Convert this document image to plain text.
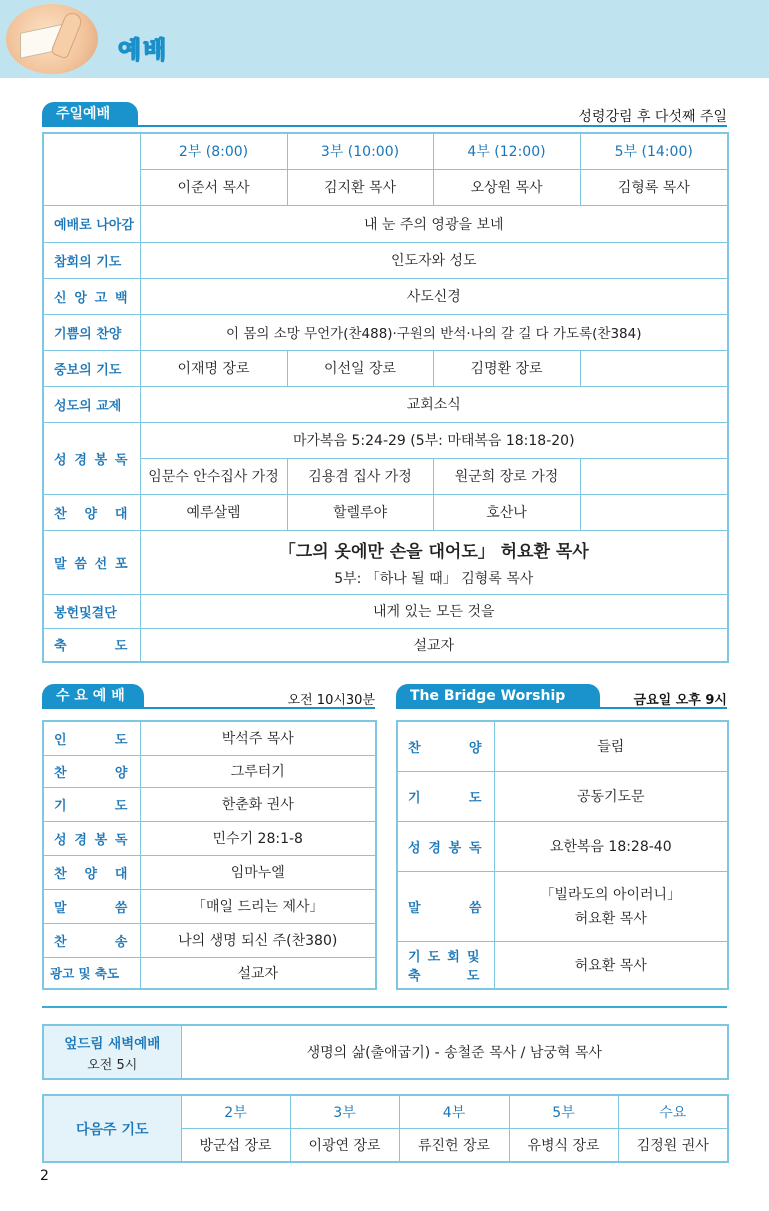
예배
주일예배	성령강림 후 다섯째 주일
	2부 (8:00)	3부 (10:00)	4부 (12:00)	5부 (14:00)
	이준서 목사	김지환 목사	오상원 목사	김형록 목사
예배로 나아감	내 눈 주의 영광을 보네			
참회의 기도	인도자와 성도			
신 앙 고 백	사도신경			
기쁨의 찬양	이 몸의 소망 무언가(찬488)·구원의 반석·나의 갈 길 다 가도록(찬384)			
중보의 기도	이재명 장로	이선일 장로	김명환 장로	
성도의 교제	교회소식			
성 경 봉 독	마가복음 5:24-29 (5부: 마태복음 18:18-20)			
	임문수 안수집사 가정	김용겸 집사 가정	원군희 장로 가정	
찬 양 대	예루살렘	할렐루야	호산나	
말 씀 선 포	「그의 옷에만 손을 대어도」 허요환 목사
5부: 「하나 될 때」 김형록 목사			

봉헌및결단	내게 있는 모든 것을			
축 도	설교자			
수 요 예 배	오전 10시30분
인 도	박석주 목사
찬 양	그루터기
기 도	한춘화 권사
성 경 봉 독	민수기 28:1-8
찬 양 대	임마누엘
말 씀	「매일 드리는 제사」
찬 송	나의 생명 되신 주(찬380)
광고 및 축도	설교자
The Bridge Worship	금요일 오후 9시
찬 양	들림
기 도	공동기도문
성 경 봉 독	요한복음 18:28-40
말 씀	「빌라도의 아이러니」
허요환 목사

기 도 회 및
축 도	허요환 목사
엎드림 새벽예배
오전 5시
	생명의 삶(출애굽기) - 송철준 목사 / 남궁혁 목사
다음주 기도	2부	3부	4부	5부	수요
	방군섭 장로	이광연 장로	류진헌 장로	유병식 장로	김정원 권사
2
